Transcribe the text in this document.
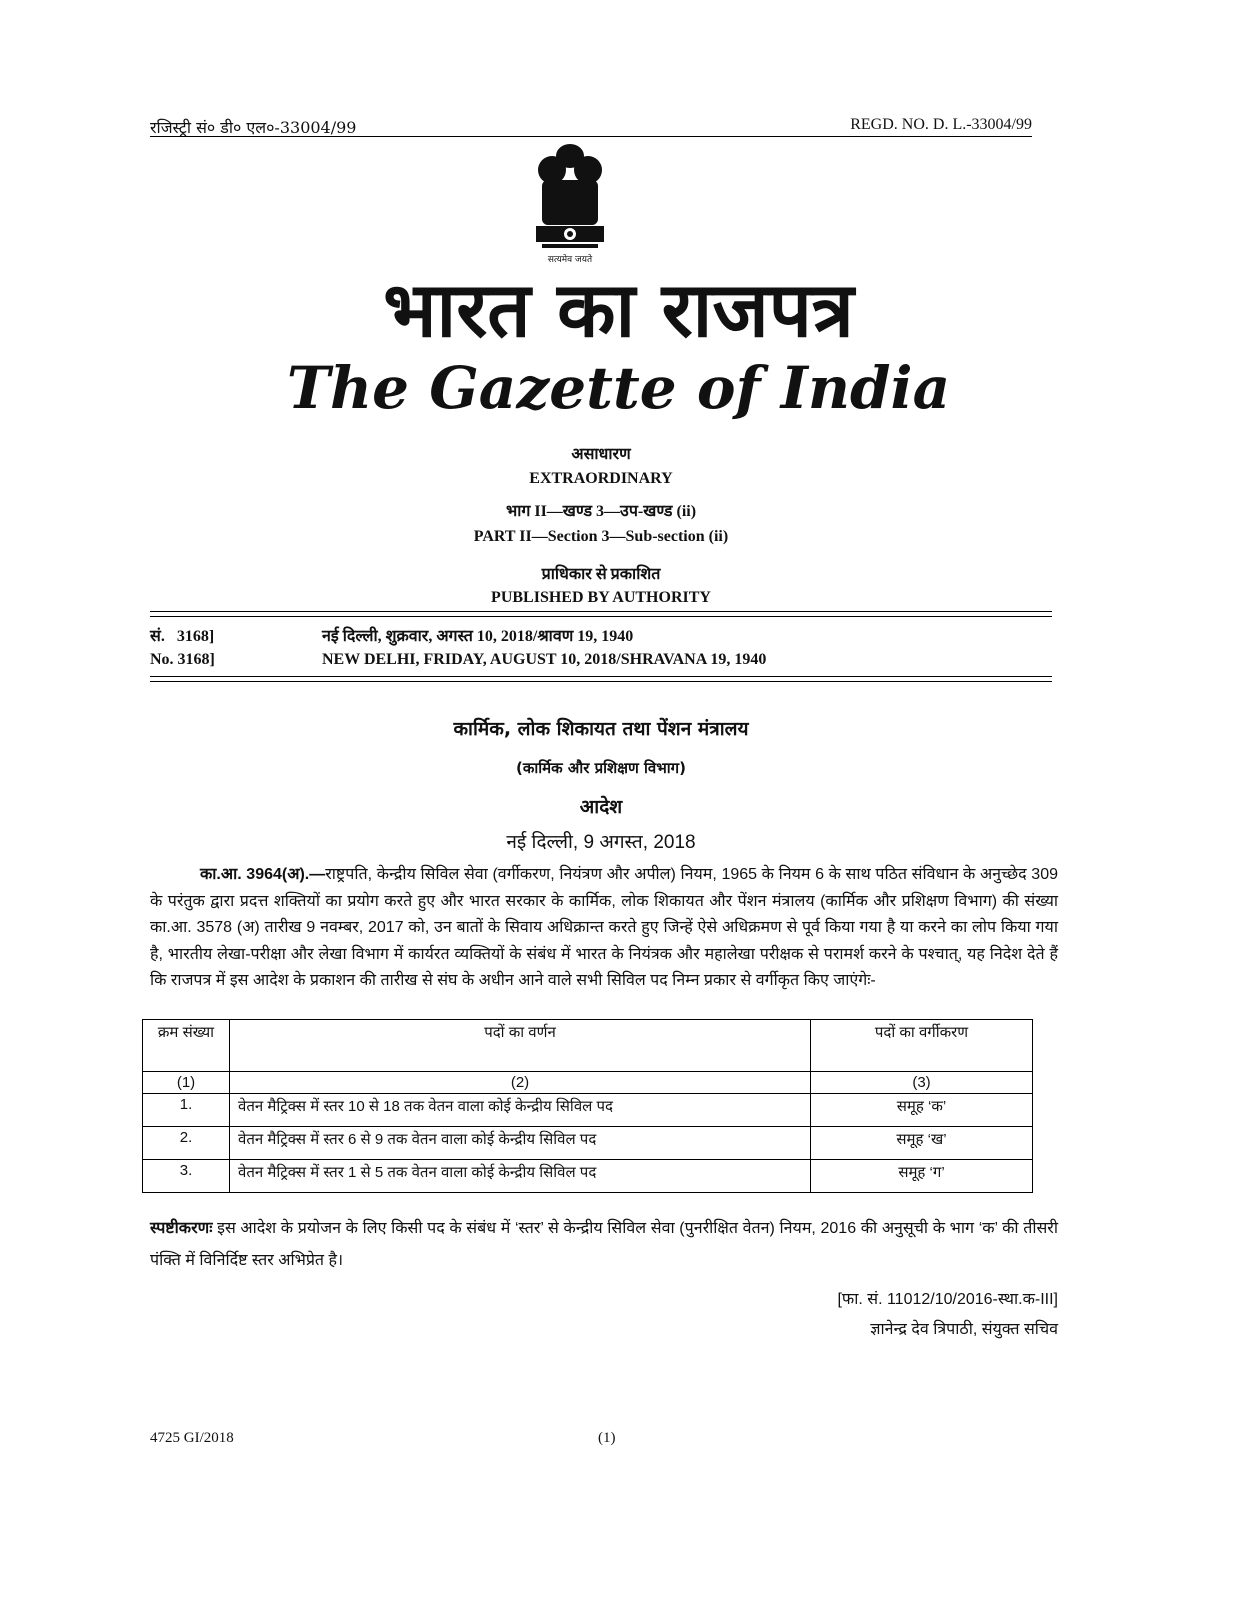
रजिस्ट्री सं० डी० एल०-33004/99	REGD. NO. D. L.-33004/99
सत्यमेव जयते
भारत का राजपत्र
The Gazette of India
असाधारण
EXTRAORDINARY
भाग II—खण्ड 3—उप-खण्ड (ii)
PART II—Section 3—Sub-section (ii)
प्राधिकार से प्रकाशित
PUBLISHED BY AUTHORITY
सं.   3168]	नई दिल्ली, शुक्रवार, अगस्त 10, 2018/श्रावण 19, 1940
No. 3168]	NEW DELHI, FRIDAY, AUGUST 10, 2018/SHRAVANA 19, 1940
कार्मिक, लोक शिकायत तथा पेंशन मंत्रालय
(कार्मिक और प्रशिक्षण विभाग)
आदेश
नई दिल्ली, 9 अगस्त, 2018
का.आ. 3964(अ).—राष्ट्रपति, केन्द्रीय सिविल सेवा (वर्गीकरण, नियंत्रण और अपील) नियम, 1965 के नियम 6 के साथ पठित संविधान के अनुच्छेद 309 के परंतुक द्वारा प्रदत्त शक्तियों का प्रयोग करते हुए और भारत सरकार के कार्मिक, लोक शिकायत और पेंशन मंत्रालय (कार्मिक और प्रशिक्षण विभाग) की संख्या का.आ. 3578 (अ) तारीख 9 नवम्बर, 2017 को, उन बातों के सिवाय अधिक्रान्त करते हुए जिन्हें ऐसे अधिक्रमण से पूर्व किया गया है या करने का लोप किया गया है, भारतीय लेखा-परीक्षा और लेखा विभाग में कार्यरत व्यक्तियों के संबंध में भारत के नियंत्रक और महालेखा परीक्षक से परामर्श करने के पश्चात्, यह निदेश देते हैं कि राजपत्र में इस आदेश के प्रकाशन की तारीख से संघ के अधीन आने वाले सभी सिविल पद निम्न प्रकार से वर्गीकृत किए जाएंगेः-
क्रम संख्या	पदों का वर्णन	पदों का वर्गीकरण
(1)	(2)	(3)
1.	वेतन मैट्रिक्स में स्तर 10 से 18 तक वेतन वाला कोई केन्द्रीय सिविल पद	समूह ‘क’
2.	वेतन मैट्रिक्स में स्तर 6 से 9 तक वेतन वाला कोई केन्द्रीय सिविल पद	समूह ‘ख’
3.	वेतन मैट्रिक्स में स्तर 1 से 5 तक वेतन वाला कोई केन्द्रीय सिविल पद	समूह ‘ग’
स्पष्टीकरणः इस आदेश के प्रयोजन के लिए किसी पद के संबंध में ‘स्तर’ से केन्द्रीय सिविल सेवा (पुनरीक्षित वेतन) नियम, 2016 की अनुसूची के भाग ‘क’ की तीसरी पंक्ति में विनिर्दिष्ट स्तर अभिप्रेत है।
[फा. सं. 11012/10/2016-स्था.क-III]
ज्ञानेन्द्र देव त्रिपाठी, संयुक्त सचिव
4725 GI/2018	(1)
